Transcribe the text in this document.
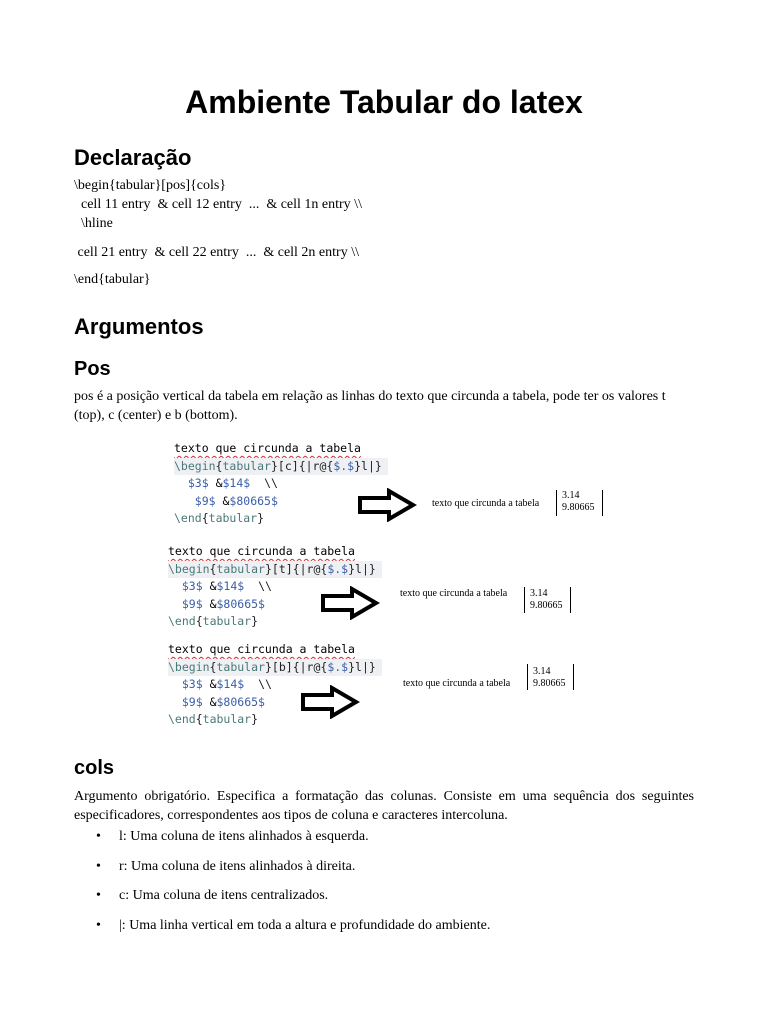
Ambiente Tabular do latex
Declaração
\begin{tabular}[pos]{cols}
cell 11 entry  & cell 12 entry  ...  & cell 1n entry \\
\hline
cell 21 entry  & cell 22 entry  ...  & cell 2n entry \\
\end{tabular}
Argumentos
Pos
pos é a posição vertical da tabela em relação as linhas do texto que circunda a tabela, pode ter os valores t (top), c (center) e b (bottom).
cols
Argumento obrigatório. Especifica a formatação das colunas. Consiste em uma sequência dos seguintes especificadores, correspondentes aos tipos de coluna e caracteres intercoluna.
• l: Uma coluna de itens alinhados à esquerda.
• r: Uma coluna de itens alinhados à direita.
• c: Uma coluna de itens centralizados.
• |: Uma linha vertical em toda a altura e profundidade do ambiente.
texto que circunda a tabela
\begin{tabular}[c]{|r@{$.$}l|}
$3$ &$14$ \\
$9$ &$80665$
\end{tabular}
texto que circunda a tabela
3.14
9.80665
texto que circunda a tabela
\begin{tabular}[t]{|r@{$.$}l|}
$3$ &$14$ \\
$9$ &$80665$
\end{tabular}
texto que circunda a tabela 3.14
9.80665
texto que circunda a tabela
\begin{tabular}[b]{|r@{$.$}l|}
$3$ &$14$ \\
$9$ &$80665$
\end{tabular}
texto que circunda a tabela
3.14
9.80665
